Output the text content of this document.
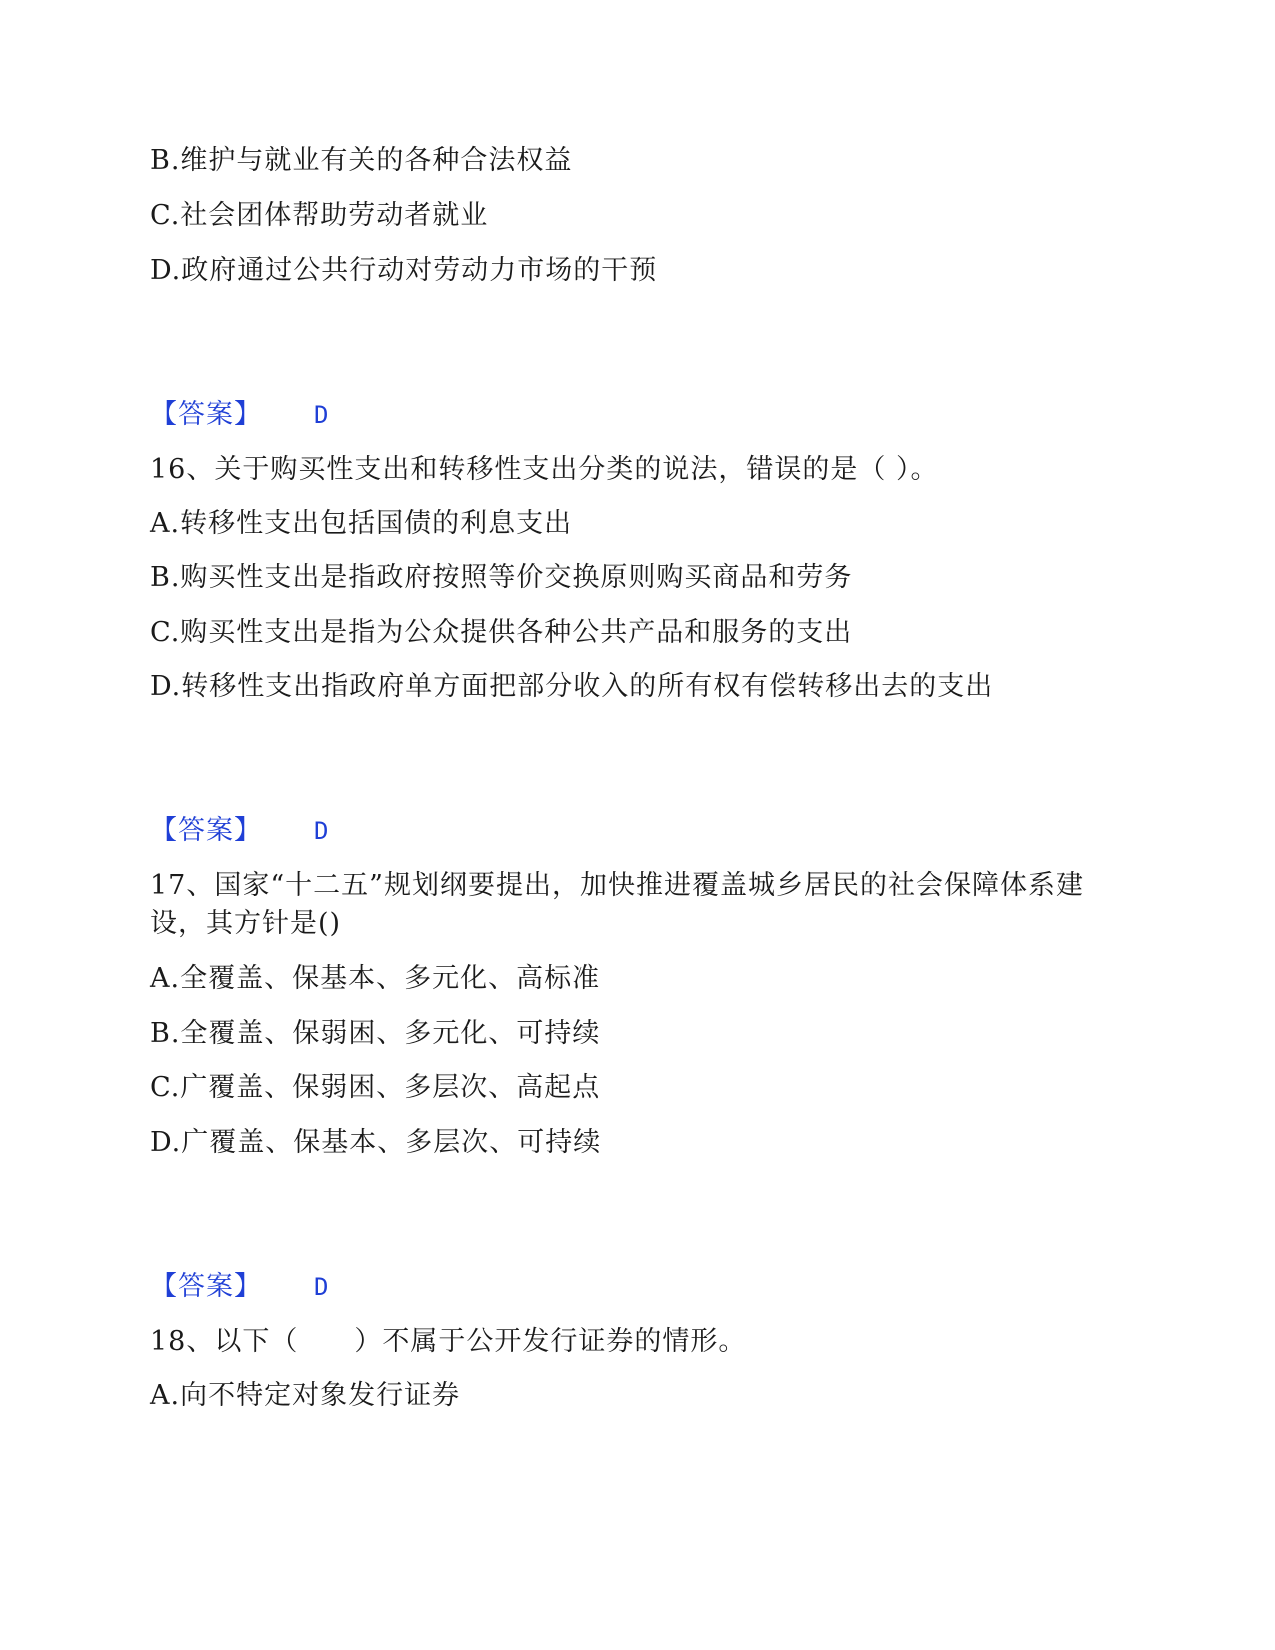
B.维护与就业有关的各种合法权益
C.社会团体帮助劳动者就业
D.政府通过公共行动对劳动力市场的干预
【答案】 D
16、关于购买性支出和转移性支出分类的说法，错误的是（ ）。
A.转移性支出包括国债的利息支出
B.购买性支出是指政府按照等价交换原则购买商品和劳务
C.购买性支出是指为公众提供各种公共产品和服务的支出
D.转移性支出指政府单方面把部分收入的所有权有偿转移出去的支出
【答案】 D
17、国家“十二五”规划纲要提出，加快推进覆盖城乡居民的社会保障体系建
设，其方针是()
A.全覆盖、保基本、多元化、高标准
B.全覆盖、保弱困、多元化、可持续
C.广覆盖、保弱困、多层次、高起点
D.广覆盖、保基本、多层次、可持续
【答案】 D
18、以下（　　）不属于公开发行证券的情形。
A.向不特定对象发行证券
